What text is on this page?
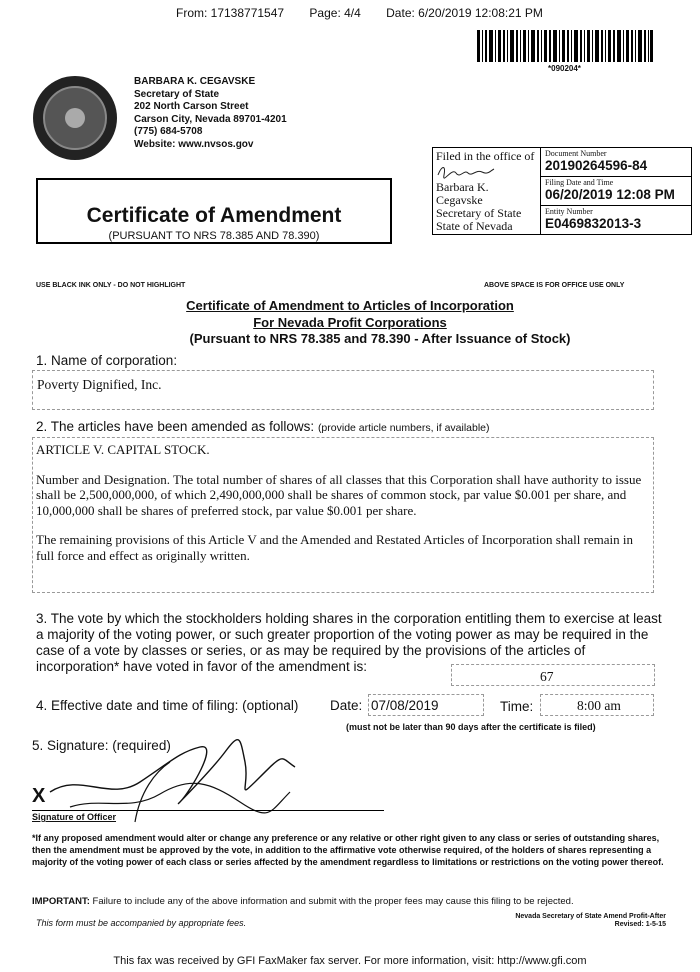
From: 17138771547 Page: 4/4 Date: 6/20/2019 12:08:21 PM
*090204*
BARBARA K. CEGAVSKE
Secretary of State
202 North Carson Street
Carson City, Nevada 89701-4201
(775) 684-5708
Website: www.nvsos.gov
Filed in the office of
Barbara K. Cegavske
Secretary of State
State of Nevada
Document Number
20190264596-84
Filing Date and Time
06/20/2019 12:08 PM
Entity Number
E0469832013-3
Certificate of Amendment
(PURSUANT TO NRS 78.385 AND 78.390)
USE BLACK INK ONLY - DO NOT HIGHLIGHT	ABOVE SPACE IS FOR OFFICE USE ONLY
Certificate of Amendment to Articles of Incorporation
For Nevada Profit Corporations
(Pursuant to NRS 78.385 and 78.390 - After Issuance of Stock)
1. Name of corporation:
Poverty Dignified, Inc.
2. The articles have been amended as follows: (provide article numbers, if available)

ARTICLE V. CAPITAL STOCK.

Number and Designation. The total number of shares of all classes that this Corporation shall have authority to issue shall be 2,500,000,000, of which 2,490,000,000 shall be shares of common stock, par value $0.001 per share, and 10,000,000 shall be shares of preferred stock, par value $0.001 per share.

The remaining provisions of this Article V and the Amended and Restated Articles of Incorporation shall remain in full force and effect as originally written.

3. The vote by which the stockholders holding shares in the corporation entitling them to exercise at least a majority of the voting power, or such greater proportion of the voting power as may be required in the case of a vote by classes or series, or as may be required by the provisions of the articles of incorporation* have voted in favor of the amendment is:
67
4. Effective date and time of filing: (optional) Date: 07/08/2019	Time:	8:00 am
(must not be later than 90 days after the certificate is filed)
5. Signature: (required)
X
Signature of Officer
*If any proposed amendment would alter or change any preference or any relative or other right given to any class or series of outstanding shares, then the amendment must be approved by the vote, in addition to the affirmative vote otherwise required, of the holders of shares representing a majority of the voting power of each class or series affected by the amendment regardless to limitations or restrictions on the voting power thereof.
IMPORTANT: Failure to include any of the above information and submit with the proper fees may cause this filing to be rejected.
This form must be accompanied by appropriate fees.
Nevada Secretary of State Amend Profit-After
Revised: 1-5-15
This fax was received by GFI FaxMaker fax server. For more information, visit: http://www.gfi.com
